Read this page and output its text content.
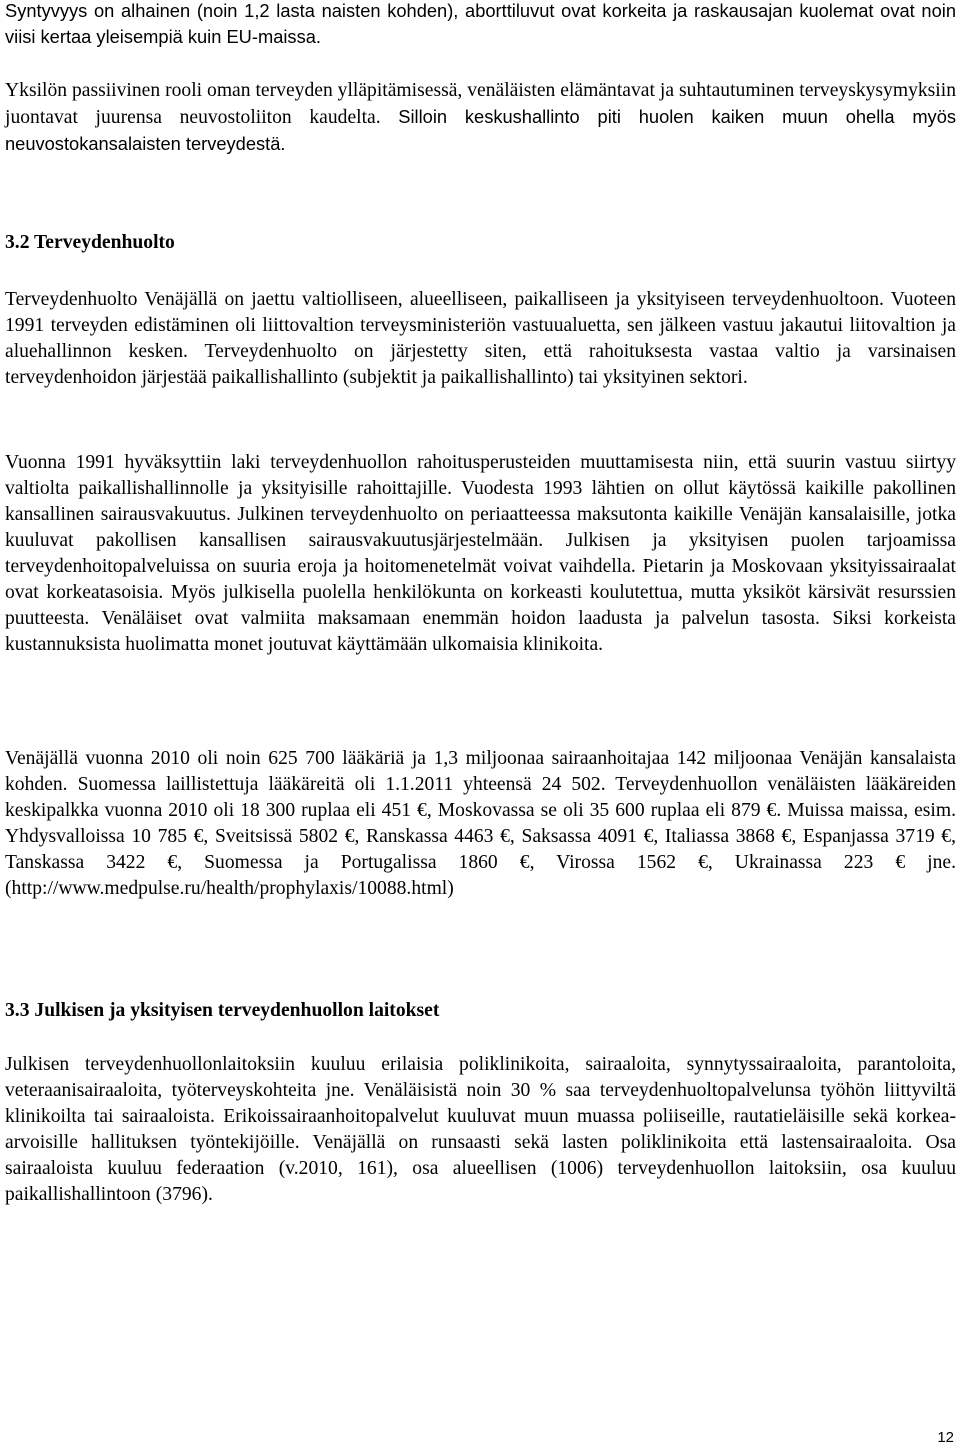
Syntyvyys on alhainen (noin 1,2 lasta naisten kohden), aborttiluvut ovat korkeita ja raskausajan kuolemat ovat noin viisi kertaa yleisempiä kuin EU-maissa.

Yksilön passiivinen rooli oman terveyden ylläpitämisessä, venäläisten elämäntavat ja suhtautuminen terveyskysymyksiin juontavat juurensa neuvostoliiton kaudelta. Silloin keskushallinto piti huolen kaiken muun ohella myös neuvostokansalaisten terveydestä.

3.2 Terveydenhuolto

Terveydenhuolto Venäjällä on jaettu valtiolliseen, alueelliseen, paikalliseen ja yksityiseen terveydenhuoltoon. Vuoteen 1991 terveyden edistäminen oli liittovaltion terveysministeriön vastuualuetta, sen jälkeen vastuu jakautui liitovaltion ja aluehallinnon kesken. Terveydenhuolto on järjestetty siten, että rahoituksesta vastaa valtio ja varsinaisen terveydenhoidon järjestää paikallishallinto (subjektit ja paikallishallinto) tai yksityinen sektori.

Vuonna 1991 hyväksyttiin laki terveydenhuollon rahoitusperusteiden muuttamisesta niin, että suurin vastuu siirtyy valtiolta paikallishallinnolle ja yksityisille rahoittajille. Vuodesta 1993 lähtien on ollut käytössä kaikille pakollinen kansallinen sairausvakuutus. Julkinen terveydenhuolto on periaatteessa maksutonta kaikille Venäjän kansalaisille, jotka kuuluvat pakollisen kansallisen sairausvakuutusjärjestelmään. Julkisen ja yksityisen puolen tarjoamissa terveydenhoitopalveluissa on suuria eroja ja hoitomenetelmät voivat vaihdella. Pietarin ja Moskovaan yksityissairaalat ovat korkeatasoisia. Myös julkisella puolella henkilökunta on korkeasti koulutettua, mutta yksiköt kärsivät resurssien puutteesta. Venäläiset ovat valmiita maksamaan enemmän hoidon laadusta ja palvelun tasosta. Siksi korkeista kustannuksista huolimatta monet joutuvat käyttämään ulkomaisia klinikoita.

Venäjällä vuonna 2010 oli noin 625 700 lääkäriä ja 1,3 miljoonaa sairaanhoitajaa 142 miljoonaa Venäjän kansalaista kohden. Suomessa laillistettuja lääkäreitä oli 1.1.2011 yhteensä 24 502. Terveydenhuollon venäläisten lääkäreiden keskipalkka vuonna 2010 oli 18 300 ruplaa eli 451 €, Moskovassa se oli 35 600 ruplaa eli 879 €. Muissa maissa, esim. Yhdysvalloissa 10 785 €, Sveitsissä 5802 €, Ranskassa 4463 €, Saksassa 4091 €, Italiassa 3868 €, Espanjassa 3719 €, Tanskassa 3422 €, Suomessa ja Portugalissa 1860 €, Virossa 1562 €, Ukrainassa 223 € jne. (http://www.medpulse.ru/health/prophylaxis/10088.html)

3.3 Julkisen ja yksityisen terveydenhuollon laitokset

Julkisen terveydenhuollonlaitoksiin kuuluu erilaisia poliklinikoita, sairaaloita, synnytyssairaaloita, parantoloita, veteraanisairaaloita, työterveyskohteita jne. Venäläisistä noin 30 % saa terveydenhuoltopalvelunsa työhön liittyviltä klinikoilta tai sairaaloista. Erikoissairaanhoitopalvelut kuuluvat muun muassa poliiseille, rautatieläisille sekä korkea-arvoisille hallituksen työntekijöille. Venäjällä on runsaasti sekä lasten poliklinikoita että lastensairaaloita. Osa sairaaloista kuuluu federaation (v.2010, 161), osa alueellisen (1006) terveydenhuollon laitoksiin, osa kuuluu paikallishallintoon (3796).

12
